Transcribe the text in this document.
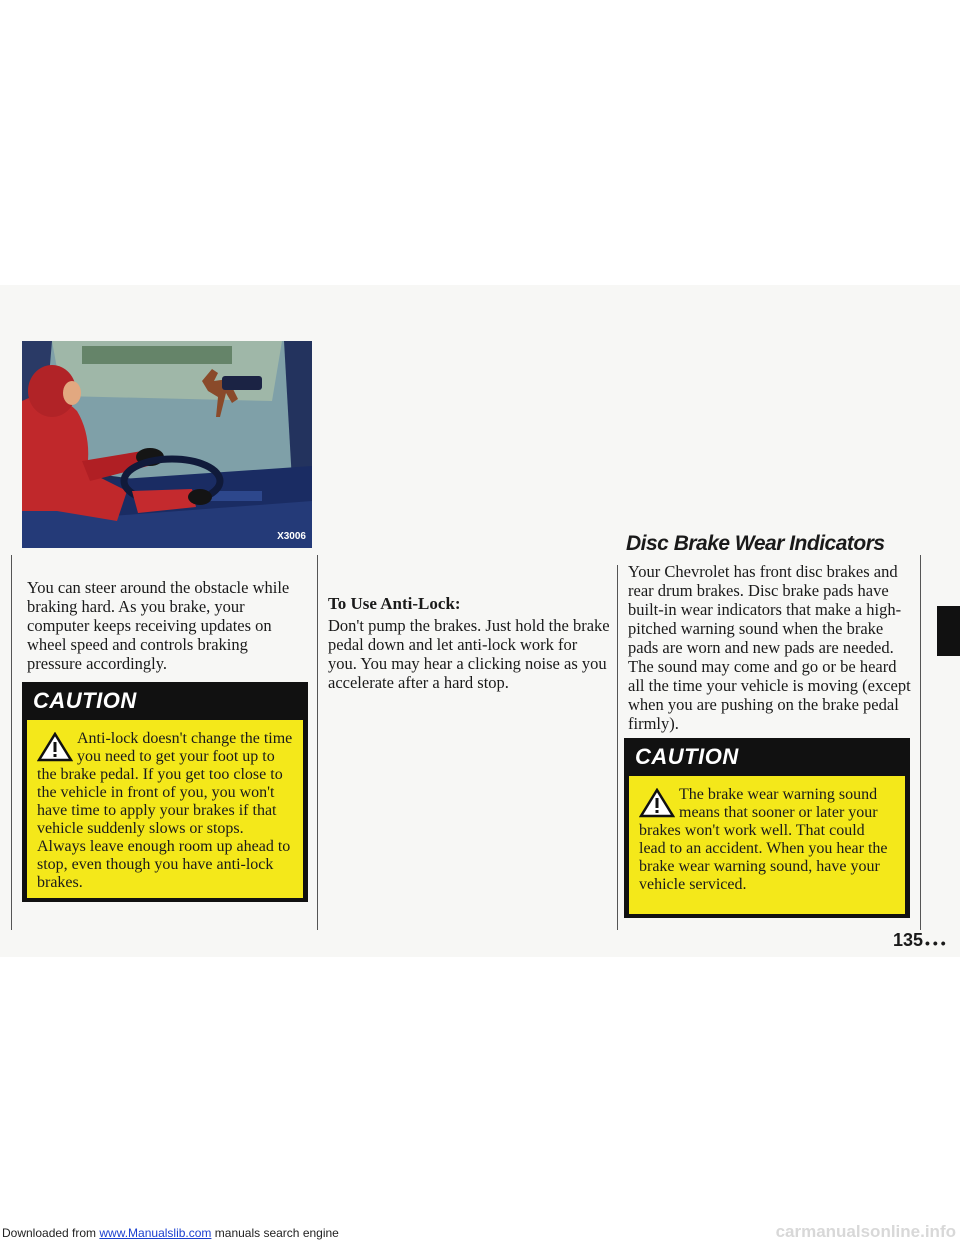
X3006

You can steer around the obstacle while braking hard. As you brake, your computer keeps receiving updates on wheel speed and controls braking pressure accordingly.

CAUTION

Anti-lock doesn't change the time you need to get your foot up to the brake pedal. If you get too close to the vehicle in front of you, you won't have time to apply your brakes if that vehicle suddenly slows or stops. Always leave enough room up ahead to stop, even though you have anti-lock brakes.

To Use Anti-Lock:

Don't pump the brakes. Just hold the brake pedal down and let anti-lock work for you. You may hear a clicking noise as you accelerate after a hard stop.

Disc Brake Wear Indicators

Your Chevrolet has front disc brakes and rear drum brakes. Disc brake pads have built-in wear indicators that make a high-pitched warning sound when the brake pads are worn and new pads are needed. The sound may come and go or be heard all the time your vehicle is moving (except when you are pushing on the brake pedal firmly).

CAUTION

The brake wear warning sound means that sooner or later your brakes won't work well. That could lead to an accident. When you hear the brake wear warning sound, have your vehicle serviced.

135 •••
Downloaded from www.Manualslib.com manuals search engine	carmanualsonline.info
